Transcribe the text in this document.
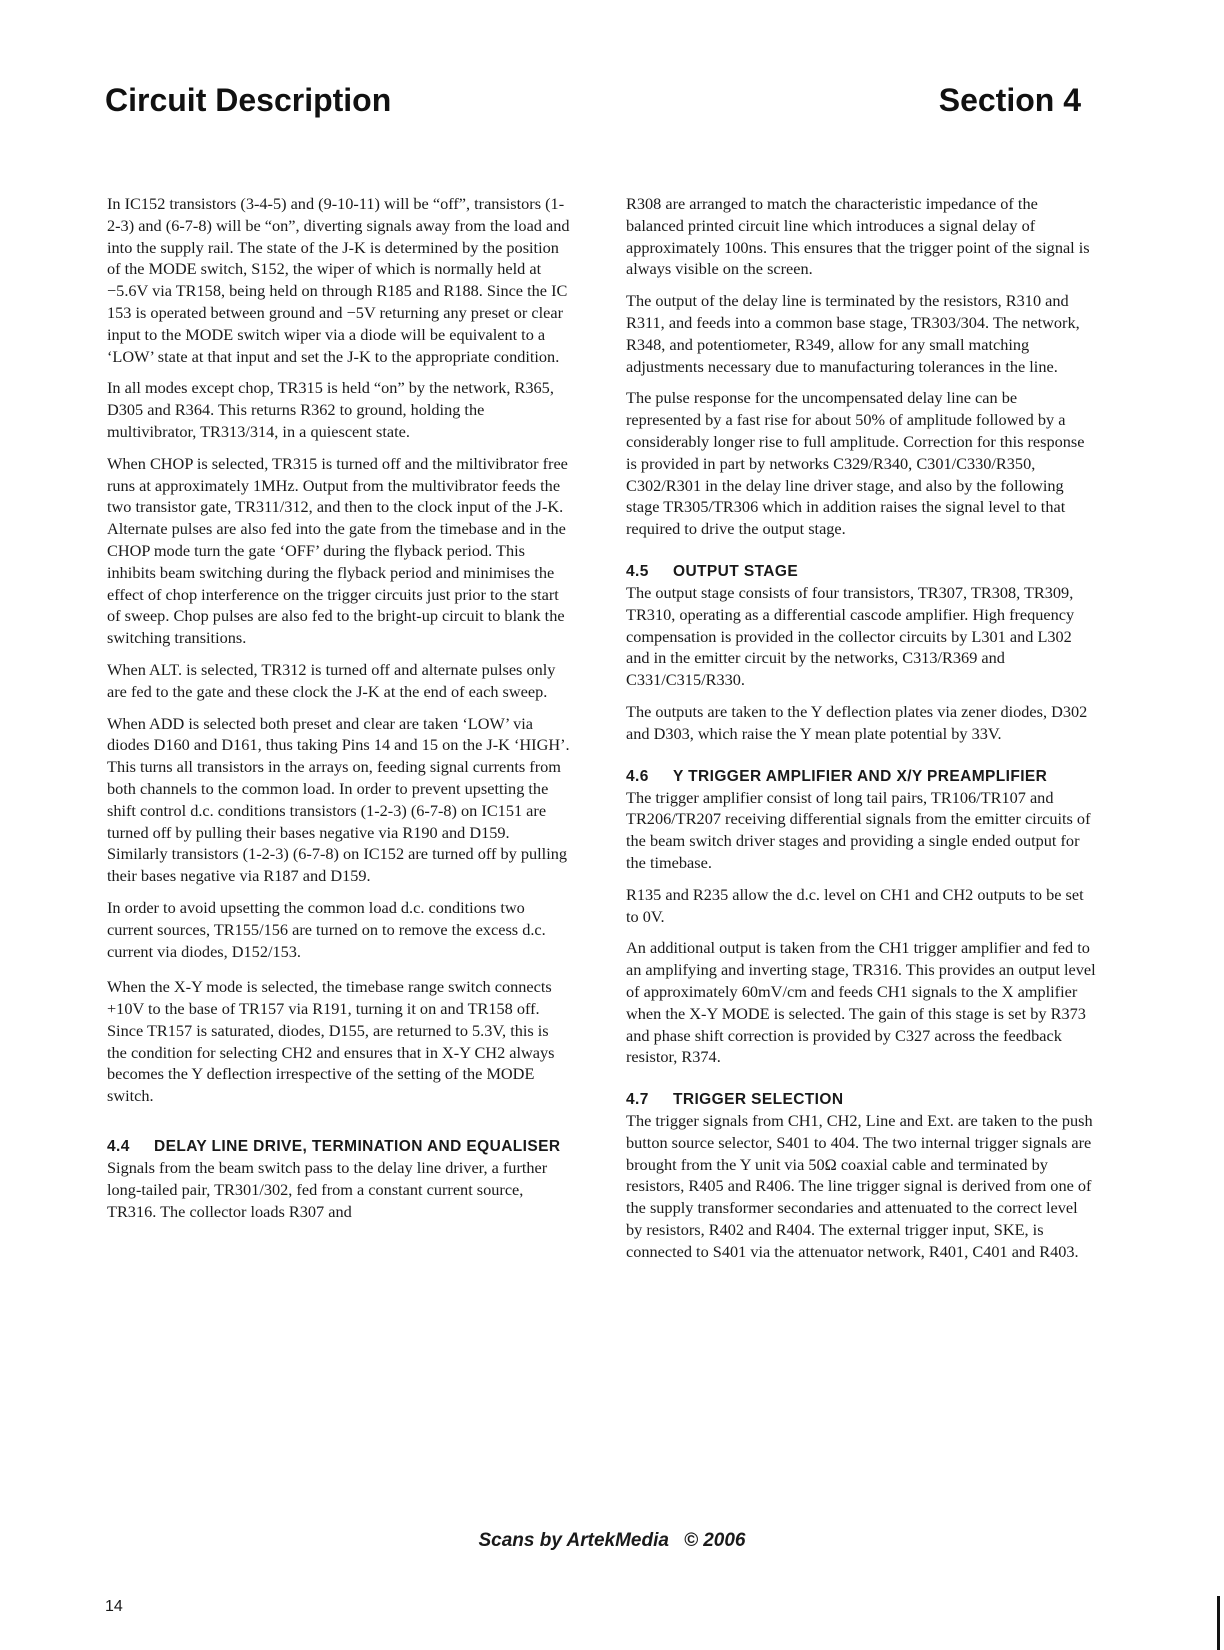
Circuit Description	Section 4

In IC152 transistors (3-4-5) and (9-10-11) will be “off”, transistors (1-2-3) and (6-7-8) will be “on”, diverting signals away from the load and into the supply rail. The state of the J-K is determined by the position of the MODE switch, S152, the wiper of which is normally held at −5.6V via TR158, being held on through R185 and R188. Since the IC 153 is operated between ground and −5V returning any preset or clear input to the MODE switch wiper via a diode will be equivalent to a ‘LOW’ state at that input and set the J-K to the appropriate condition.

In all modes except chop, TR315 is held “on” by the network, R365, D305 and R364. This returns R362 to ground, holding the multivibrator, TR313/314, in a quiescent state.

When CHOP is selected, TR315 is turned off and the miltivibrator free runs at approximately 1MHz. Output from the multivibrator feeds the two transistor gate, TR311/312, and then to the clock input of the J-K. Alternate pulses are also fed into the gate from the timebase and in the CHOP mode turn the gate ‘OFF’ during the flyback period. This inhibits beam switching during the flyback period and minimises the effect of chop interference on the trigger circuits just prior to the start of sweep. Chop pulses are also fed to the bright-up circuit to blank the switching transitions.

When ALT. is selected, TR312 is turned off and alternate pulses only are fed to the gate and these clock the J-K at the end of each sweep.

When ADD is selected both preset and clear are taken ‘LOW’ via diodes D160 and D161, thus taking Pins 14 and 15 on the J-K ‘HIGH’. This turns all transistors in the arrays on, feeding signal currents from both channels to the common load. In order to prevent upsetting the shift control d.c. conditions transistors (1-2-3) (6-7-8) on IC151 are turned off by pulling their bases negative via R190 and D159. Similarly transistors (1-2-3) (6-7-8) on IC152 are turned off by pulling their bases negative via R187 and D159.

In order to avoid upsetting the common load d.c. conditions two current sources, TR155/156 are turned on to remove the excess d.c. current via diodes, D152/153.

When the X-Y mode is selected, the timebase range switch connects +10V to the base of TR157 via R191, turning it on and TR158 off. Since TR157 is saturated, diodes, D155, are returned to 5.3V, this is the condition for selecting CH2 and ensures that in X-Y CH2 always becomes the Y deflection irrespective of the setting of the MODE switch.

4.4	DELAY LINE DRIVE, TERMINATION AND EQUALISER

Signals from the beam switch pass to the delay line driver, a further long-tailed pair, TR301/302, fed from a constant current source, TR316. The collector loads R307 and

R308 are arranged to match the characteristic impedance of the balanced printed circuit line which introduces a signal delay of approximately 100ns. This ensures that the trigger point of the signal is always visible on the screen.

The output of the delay line is terminated by the resistors, R310 and R311, and feeds into a common base stage, TR303/304. The network, R348, and potentiometer, R349, allow for any small matching adjustments necessary due to manufacturing tolerances in the line.

The pulse response for the uncompensated delay line can be represented by a fast rise for about 50% of amplitude followed by a considerably longer rise to full amplitude. Correction for this response is provided in part by networks C329/R340, C301/C330/R350, C302/R301 in the delay line driver stage, and also by the following stage TR305/TR306 which in addition raises the signal level to that required to drive the output stage.

4.5	OUTPUT STAGE

The output stage consists of four transistors, TR307, TR308, TR309, TR310, operating as a differential cascode amplifier. High frequency compensation is provided in the collector circuits by L301 and L302 and in the emitter circuit by the networks, C313/R369 and C331/C315/R330.

The outputs are taken to the Y deflection plates via zener diodes, D302 and D303, which raise the Y mean plate potential by 33V.

4.6	Y TRIGGER AMPLIFIER AND X/Y PREAMPLIFIER

The trigger amplifier consist of long tail pairs, TR106/TR107 and TR206/TR207 receiving differential signals from the emitter circuits of the beam switch driver stages and providing a single ended output for the timebase.

R135 and R235 allow the d.c. level on CH1 and CH2 outputs to be set to 0V.

An additional output is taken from the CH1 trigger amplifier and fed to an amplifying and inverting stage, TR316. This provides an output level of approximately 60mV/cm and feeds CH1 signals to the X amplifier when the X-Y MODE is selected. The gain of this stage is set by R373 and phase shift correction is provided by C327 across the feedback resistor, R374.

4.7	TRIGGER SELECTION

The trigger signals from CH1, CH2, Line and Ext. are taken to the push button source selector, S401 to 404. The two internal trigger signals are brought from the Y unit via 50Ω coaxial cable and terminated by resistors, R405 and R406. The line trigger signal is derived from one of the supply transformer secondaries and attenuated to the correct level by resistors, R402 and R404. The external trigger input, SKE, is connected to S401 via the attenuator network, R401, C401 and R403.

Scans by ArtekMedia © 2006
14
